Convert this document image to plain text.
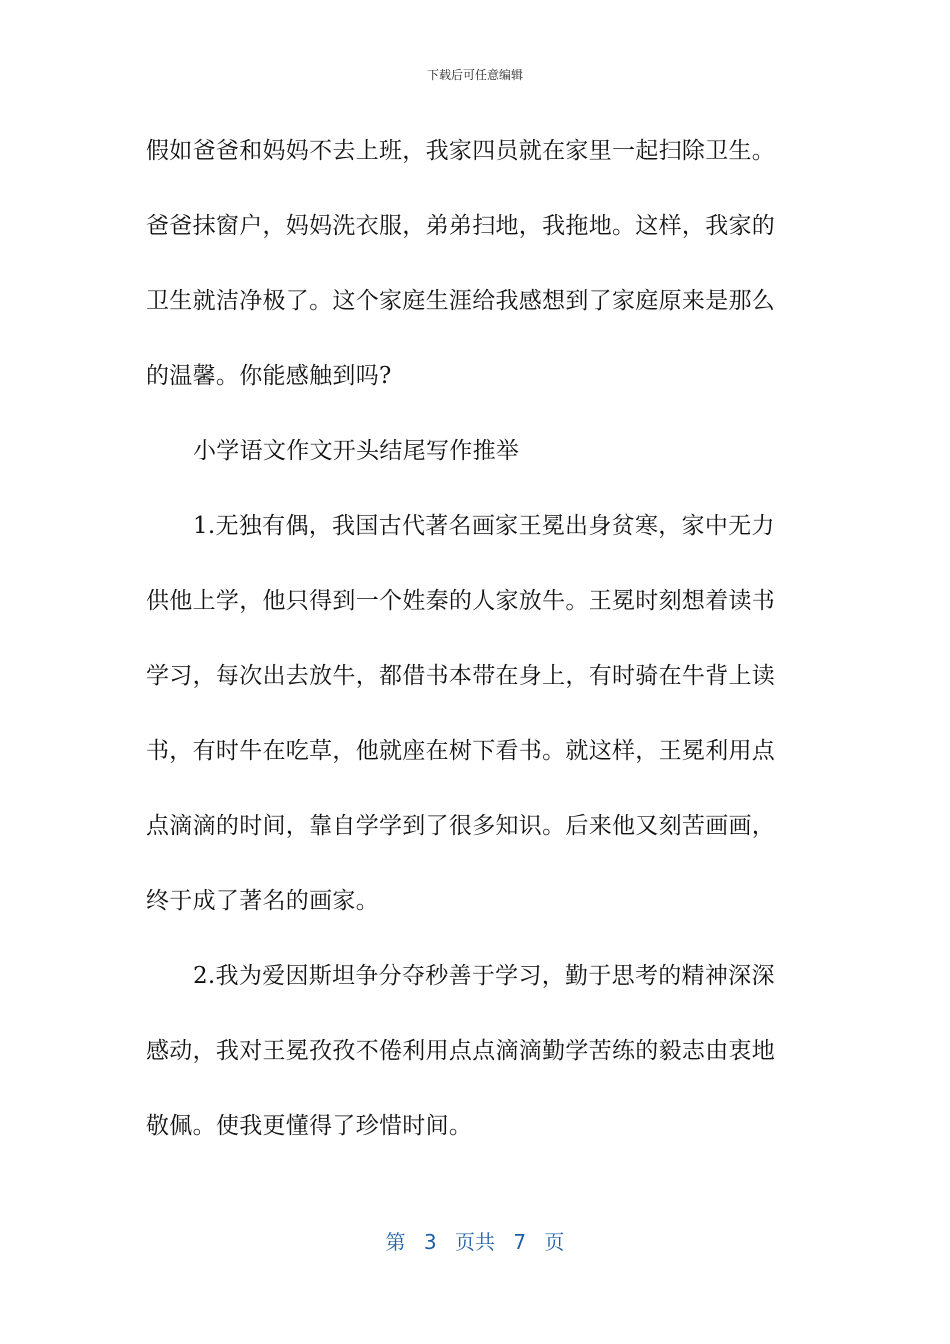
下载后可任意编辑
假如爸爸和妈妈不去上班，我家四员就在家里一起扫除卫生。
爸爸抹窗户，妈妈洗衣服，弟弟扫地，我拖地。这样，我家的
卫生就洁净极了。这个家庭生涯给我感想到了家庭原来是那么
的温馨。你能感触到吗?
小学语文作文开头结尾写作推举
1.无独有偶，我国古代著名画家王冕出身贫寒，家中无力
供他上学，他只得到一个姓秦的人家放牛。王冕时刻想着读书
学习，每次出去放牛，都借书本带在身上，有时骑在牛背上读
书，有时牛在吃草，他就座在树下看书。就这样，王冕利用点
点滴滴的时间，靠自学学到了很多知识。后来他又刻苦画画，
终于成了著名的画家。
2.我为爱因斯坦争分夺秒善于学习，勤于思考的精神深深
感动，我对王冕孜孜不倦利用点点滴滴勤学苦练的毅志由衷地
敬佩。使我更懂得了珍惜时间。
第 3 页共 7 页
